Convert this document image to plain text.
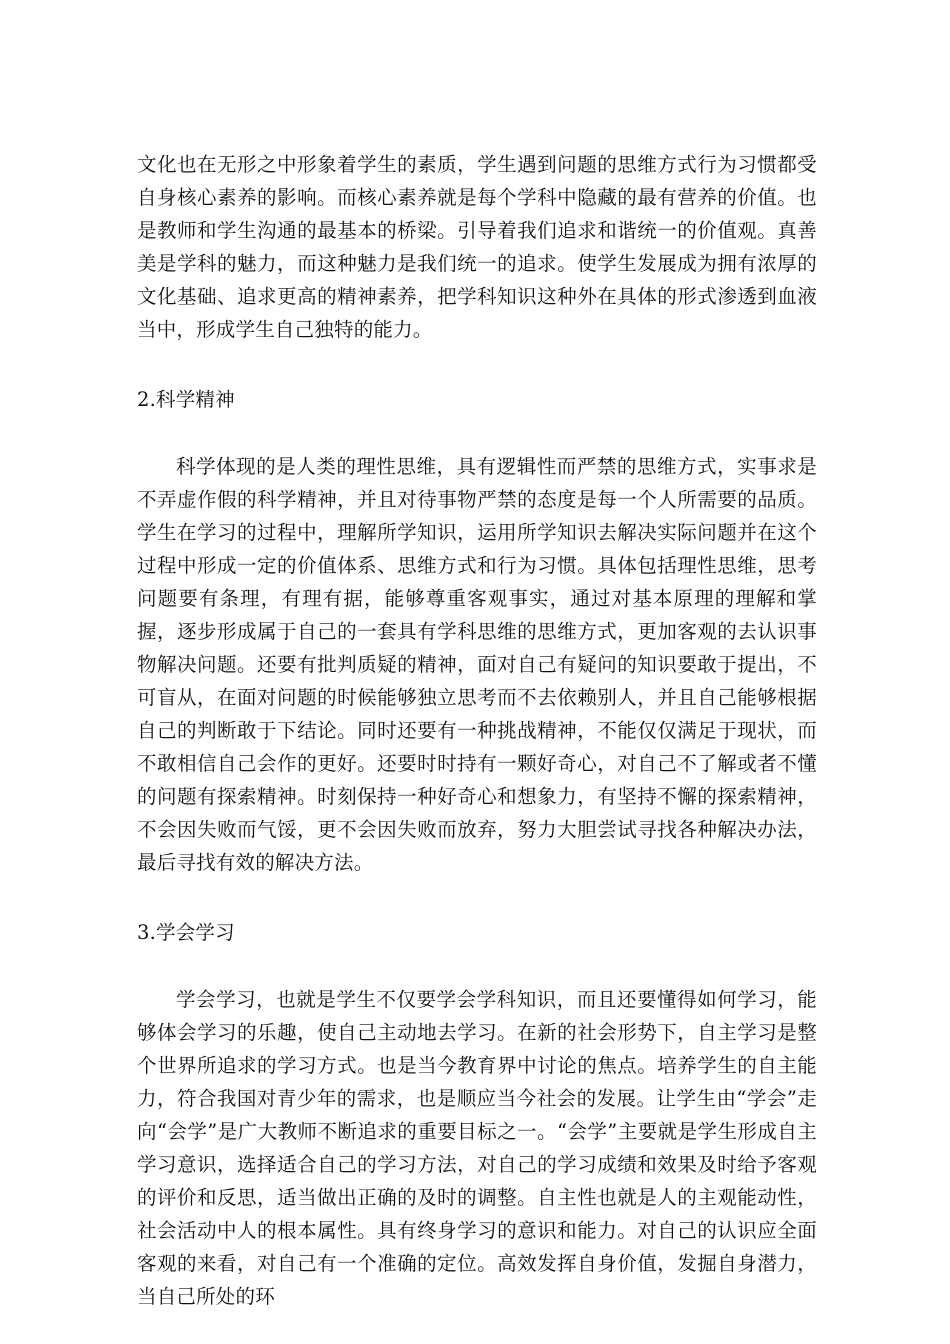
文化也在无形之中形象着学生的素质，学生遇到问题的思维方式行为习惯都受自身核心素养的影响。而核心素养就是每个学科中隐藏的最有营养的价值。也是教师和学生沟通的最基本的桥梁。引导着我们追求和谐统一的价值观。真善美是学科的魅力，而这种魅力是我们统一的追求。使学生发展成为拥有浓厚的文化基础、追求更高的精神素养，把学科知识这种外在具体的形式渗透到血液当中，形成学生自己独特的能力。

2.科学精神

科学体现的是人类的理性思维，具有逻辑性而严禁的思维方式，实事求是不弄虚作假的科学精神，并且对待事物严禁的态度是每一个人所需要的品质。学生在学习的过程中，理解所学知识，运用所学知识去解决实际问题并在这个过程中形成一定的价值体系、思维方式和行为习惯。具体包括理性思维，思考问题要有条理，有理有据，能够尊重客观事实，通过对基本原理的理解和掌握，逐步形成属于自己的一套具有学科思维的思维方式，更加客观的去认识事物解决问题。还要有批判质疑的精神，面对自己有疑问的知识要敢于提出，不可盲从，在面对问题的时候能够独立思考而不去依赖别人，并且自己能够根据自己的判断敢于下结论。同时还要有一种挑战精神，不能仅仅满足于现状，而不敢相信自己会作的更好。还要时时持有一颗好奇心，对自己不了解或者不懂的问题有探索精神。时刻保持一种好奇心和想象力，有坚持不懈的探索精神，不会因失败而气馁，更不会因失败而放弃，努力大胆尝试寻找各种解决办法，最后寻找有效的解决方法。

3.学会学习

学会学习，也就是学生不仅要学会学科知识，而且还要懂得如何学习，能够体会学习的乐趣，使自己主动地去学习。在新的社会形势下，自主学习是整个世界所追求的学习方式。也是当今教育界中讨论的焦点。培养学生的自主能力，符合我国对青少年的需求，也是顺应当今社会的发展。让学生由“学会”走向“会学”是广大教师不断追求的重要目标之一。“会学”主要就是学生形成自主学习意识，选择适合自己的学习方法，对自己的学习成绩和效果及时给予客观的评价和反思，适当做出正确的及时的调整。自主性也就是人的主观能动性，社会活动中人的根本属性。具有终身学习的意识和能力。对自己的认识应全面客观的来看，对自己有一个准确的定位。高效发挥自身价值，发掘自身潜力，当自己所处的环
